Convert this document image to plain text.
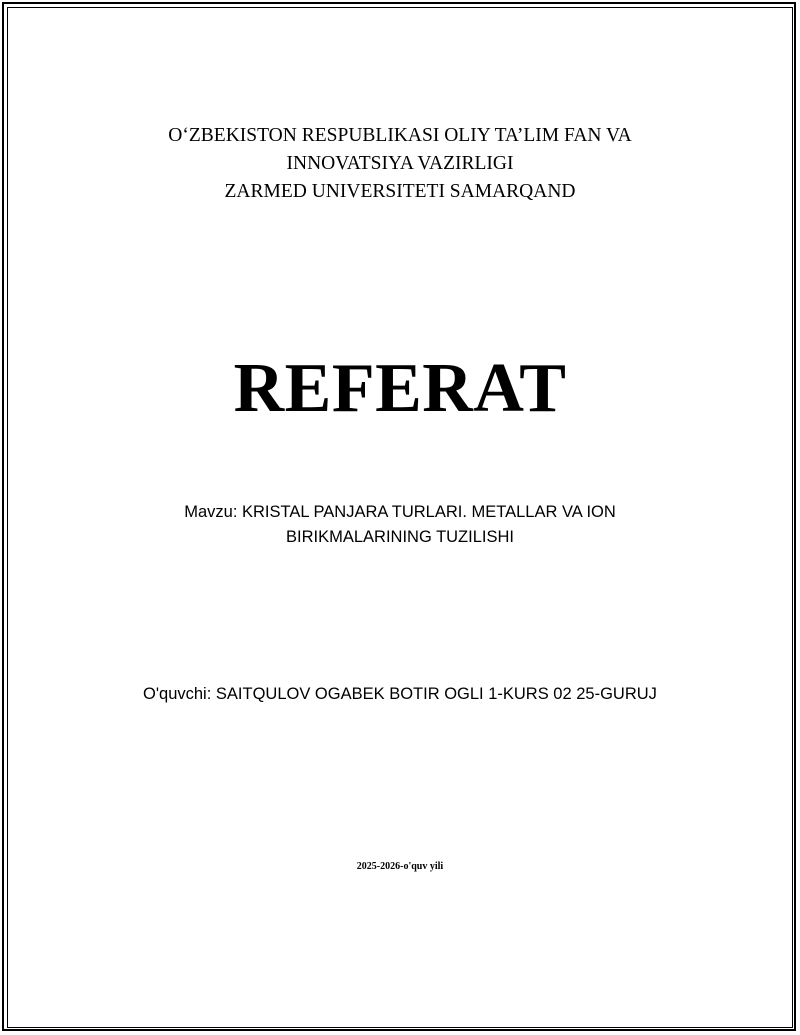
O‘ZBEKISTON RESPUBLIKASI OLIY TA’LIM FAN VA
INNOVATSIYA VAZIRLIGI
ZARMED UNIVERSITETI SAMARQAND
REFERAT
Mavzu: KRISTAL PANJARA TURLARI. METALLAR VA ION
BIRIKMALARINING TUZILISHI
O'quvchi: SAITQULOV OGABEK BOTIR OGLI 1-KURS 02 25-GURUJ
2025-2026-o'quv yili
